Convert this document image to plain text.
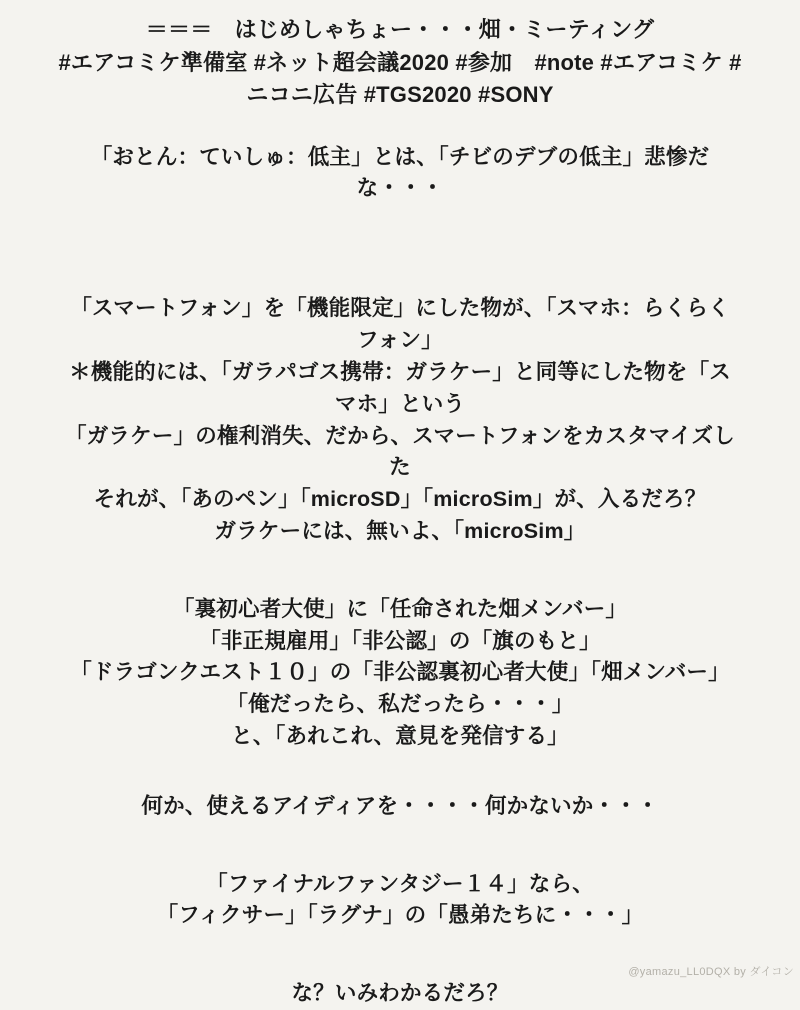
＝＝＝　はじめしゃちょー・・・畑・ミーティング
#エアコミケ準備室 #ネット超会議2020 #参加　#note #エアコミケ #
ニコニ広告 #TGS2020 #SONY
「おとん：ていしゅ：低主」とは、「チビのデブの低主」悲惨だ
な・・・
「スマートフォン」を「機能限定」にした物が、「スマホ：らくらく
フォン」
＊機能的には、「ガラパゴス携帯：ガラケー」と同等にした物を「ス
マホ」という
「ガラケー」の権利消失、だから、スマートフォンをカスタマイズし
た
それが、「あのペン」「microSD」「microSim」が、入るだろ？
ガラケーには、無いよ、「microSim」
「裏初心者大使」に「任命された畑メンバー」
「非正規雇用」「非公認」の「旗のもと」
「ドラゴンクエスト１０」の「非公認裏初心者大使」「畑メンバー」
「俺だったら、私だったら・・・」
と、「あれこれ、意見を発信する」
何か、使えるアイディアを・・・・何かないか・・・
「ファイナルファンタジー１４」なら、
「フィクサー」「ラグナ」の「愚弟たちに・・・」
な？いみわかるだろ？
@yamazu_LL0DQX by ダイコン
